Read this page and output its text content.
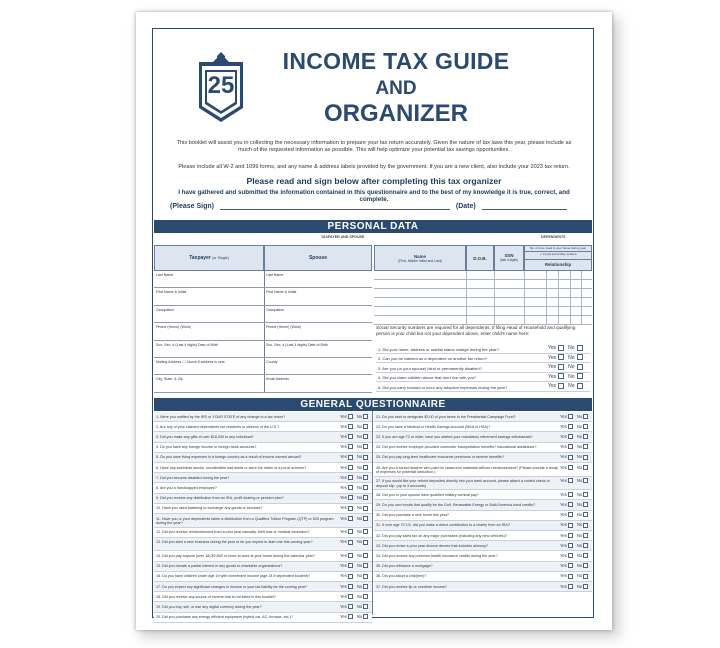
25
INCOME TAX GUIDE
AND
ORGANIZER
This booklet will assist you in collecting the necessary information to prepare your tax return accurately. Given the nature of tax laws this year, please include as much of the requested information as possible. This will help optimize your potential tax savings opportunities.
Please include all W-2 and 1099 forms, and any name & address labels provided by the government. If you are a new client, also include your 2023 tax return.
Please read and sign below after completing this tax organizer
I have gathered and submitted the information contained in this questionnaire and to the best of my knowledge it is true, correct, and complete.
(Please Sign)	(Date)
PERSONAL DATA
TAXPAYER AND SPOUSE	DEPENDENTS
Taxpayer
(or Single)	Spouse
Last Name	Last Name
First Name & Initial	First Name & Initial
Occupation	Occupation
Phone (Home) (Work)	Phone (Home) (Work)
Soc. Sec. # (Last 4 digits) Date of Birth	Soc. Sec. # (Last 4 digits) Date of Birth
Mailing Address ☐ Check if address is new	County
City, State, & Zip	Email Address
Name
(First, Middle Initial and Last)	D.O.B.
SSN
(last 4 digits)
No. of mos. lived in your home during year
✓ if post-secondary student
Relationship
Social Security numbers are required for all dependents. If filing Head of Household and qualifying person is your child but not your dependent above, enter child's name here:
1. Did your name, address or marital status change during the year?	Yes No
2. Can you be claimed as a dependent on another tax return?	Yes No
3. Are you (or your spouse) blind or permanently disabled?	Yes No
4. Did you claim children above that don't live with you?	Yes No
5. Did you carry forward or incur any adoption expenses during the year?	Yes No
GENERAL QUESTIONNAIRE
1. Were you notified by the IRS or YOUR STATE of any change to a tax return?	Yes No
2. Are any of your claimed dependents not residents or citizens of the U.S.?	Yes No
3. Did you make any gifts of over $18,000 to any individual?	Yes No
4. Do you have any foreign income or foreign bank accounts?	Yes No
5. Do you have living expenses in a foreign country as a result of income earned abroad?	Yes No
6. Have any worthless stocks, uncollectible bad debts or were the victim of a ponzi scheme?	Yes No
7. Did you become disabled during the year?	Yes No
8. Are you a handicapped employee?	Yes No
9. Did you receive any distribution from an IRA, profit sharing or pension plan?	Yes No
10. Have you used bartering to exchange any goods or services?	Yes No
11. Have you or your dependents taken a distribution from a Qualified Tuition Program (QTP) or 529 program during the year?
Yes No
12. Did you receive reimbursement from a prior year casualty, theft loss or medical deduction?	Yes No
13. Did you start a new business during the year or do you expect to start one this coming year?	Yes No
14. Did you pay anyone (over 18) $2,800 or more to work at your home during the calendar year?	Yes No
15. Did you donate a partial interest in any goods to charitable organizations?	Yes No
16. Do you have children under age 19 with investment income (age 24 if dependent student)?	Yes No
17. Do you expect any significant changes in income or your tax liability for the coming year?	Yes No
18. Did you receive any source of income that is not listed in this booklet?	Yes No
19. Did you buy, sell, or use any digital currency during the year?	Yes No
20. Did you purchase any energy efficient equipment (hybrid car, AC, furnace, etc.)?	Yes No
21. Do you wish to designate $3.00 of your taxes to the Presidential Campaign Fund?	Yes No
22. Do you have a Medical or Health Savings Account (MSA or HSA)?	Yes No
23. If you are age 73 or older, have you started your mandatory retirement savings withdrawals?	Yes No
24. Did you receive employer-provided commuter transportation benefits? educational assistance?	Yes No
25. Did you pay long-term healthcare insurance premiums or receive benefits?	Yes No
26. Are you a school teacher who paid for classroom materials without reimbursement? (Please provide a recap of expenses for potential deduction.)
Yes No
27. If you would like your refund deposited directly into your bank account, please attach a voided check or deposit slip. (up to 3 accounts)
Yes No
28. Did you or your spouse have qualified military combat pay?	Yes No
29. Do you own bonds that qualify for the Gulf, Renewable Energy or Build America bond credits?	Yes No
30. Did you purchase a new home this year?	Yes No
31. If over age 70 1/2, did you make a direct contribution to a charity from an IRA?	Yes No
32. Did you pay sales tax on any major purchases (including any new vehicles)?	Yes No
33. Did you revise a prior year divorce decree that includes alimony?	Yes No
34. Did you receive any premium health insurance credits during the year?	Yes No
35. Did you refinance a mortgage?	Yes No
36. Did you adopt a child(ren)?	Yes No
37. Did you receive tip or overtime income?	Yes No
